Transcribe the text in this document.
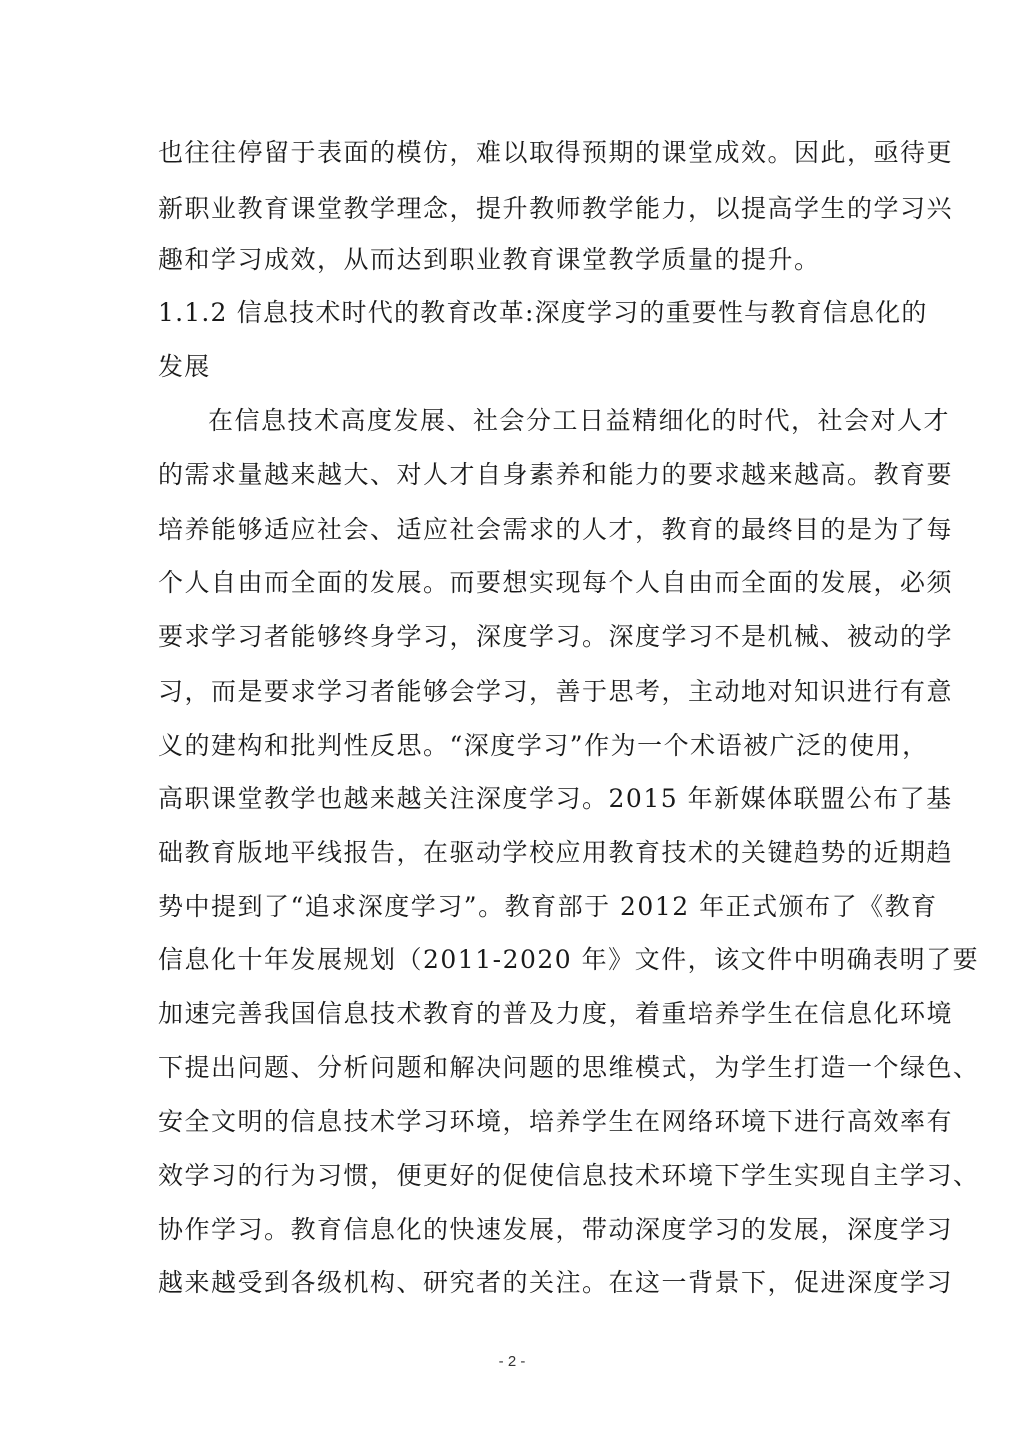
也往往停留于表面的模仿，难以取得预期的课堂成效。因此，亟待更
新职业教育课堂教学理念，提升教师教学能力，以提高学生的学习兴
趣和学习成效，从而达到职业教育课堂教学质量的提升。
1.1.2 信息技术时代的教育改革:深度学习的重要性与教育信息化的
发展
在信息技术高度发展、社会分工日益精细化的时代，社会对人才
的需求量越来越大、对人才自身素养和能力的要求越来越高。教育要
培养能够适应社会、适应社会需求的人才，教育的最终目的是为了每
个人自由而全面的发展。而要想实现每个人自由而全面的发展，必须
要求学习者能够终身学习，深度学习。深度学习不是机械、被动的学
习，而是要求学习者能够会学习，善于思考，主动地对知识进行有意
义的建构和批判性反思。“深度学习”作为一个术语被广泛的使用，
高职课堂教学也越来越关注深度学习。2015 年新媒体联盟公布了基
础教育版地平线报告，在驱动学校应用教育技术的关键趋势的近期趋
势中提到了“追求深度学习”。教育部于 2012 年正式颁布了《教育
信息化十年发展规划（2011-2020 年》文件，该文件中明确表明了要
加速完善我国信息技术教育的普及力度，着重培养学生在信息化环境
下提出问题、分析问题和解决问题的思维模式，为学生打造一个绿色、
安全文明的信息技术学习环境，培养学生在网络环境下进行高效率有
效学习的行为习惯，便更好的促使信息技术环境下学生实现自主学习、
协作学习。教育信息化的快速发展，带动深度学习的发展，深度学习
越来越受到各级机构、研究者的关注。在这一背景下，促进深度学习
- 2 -
